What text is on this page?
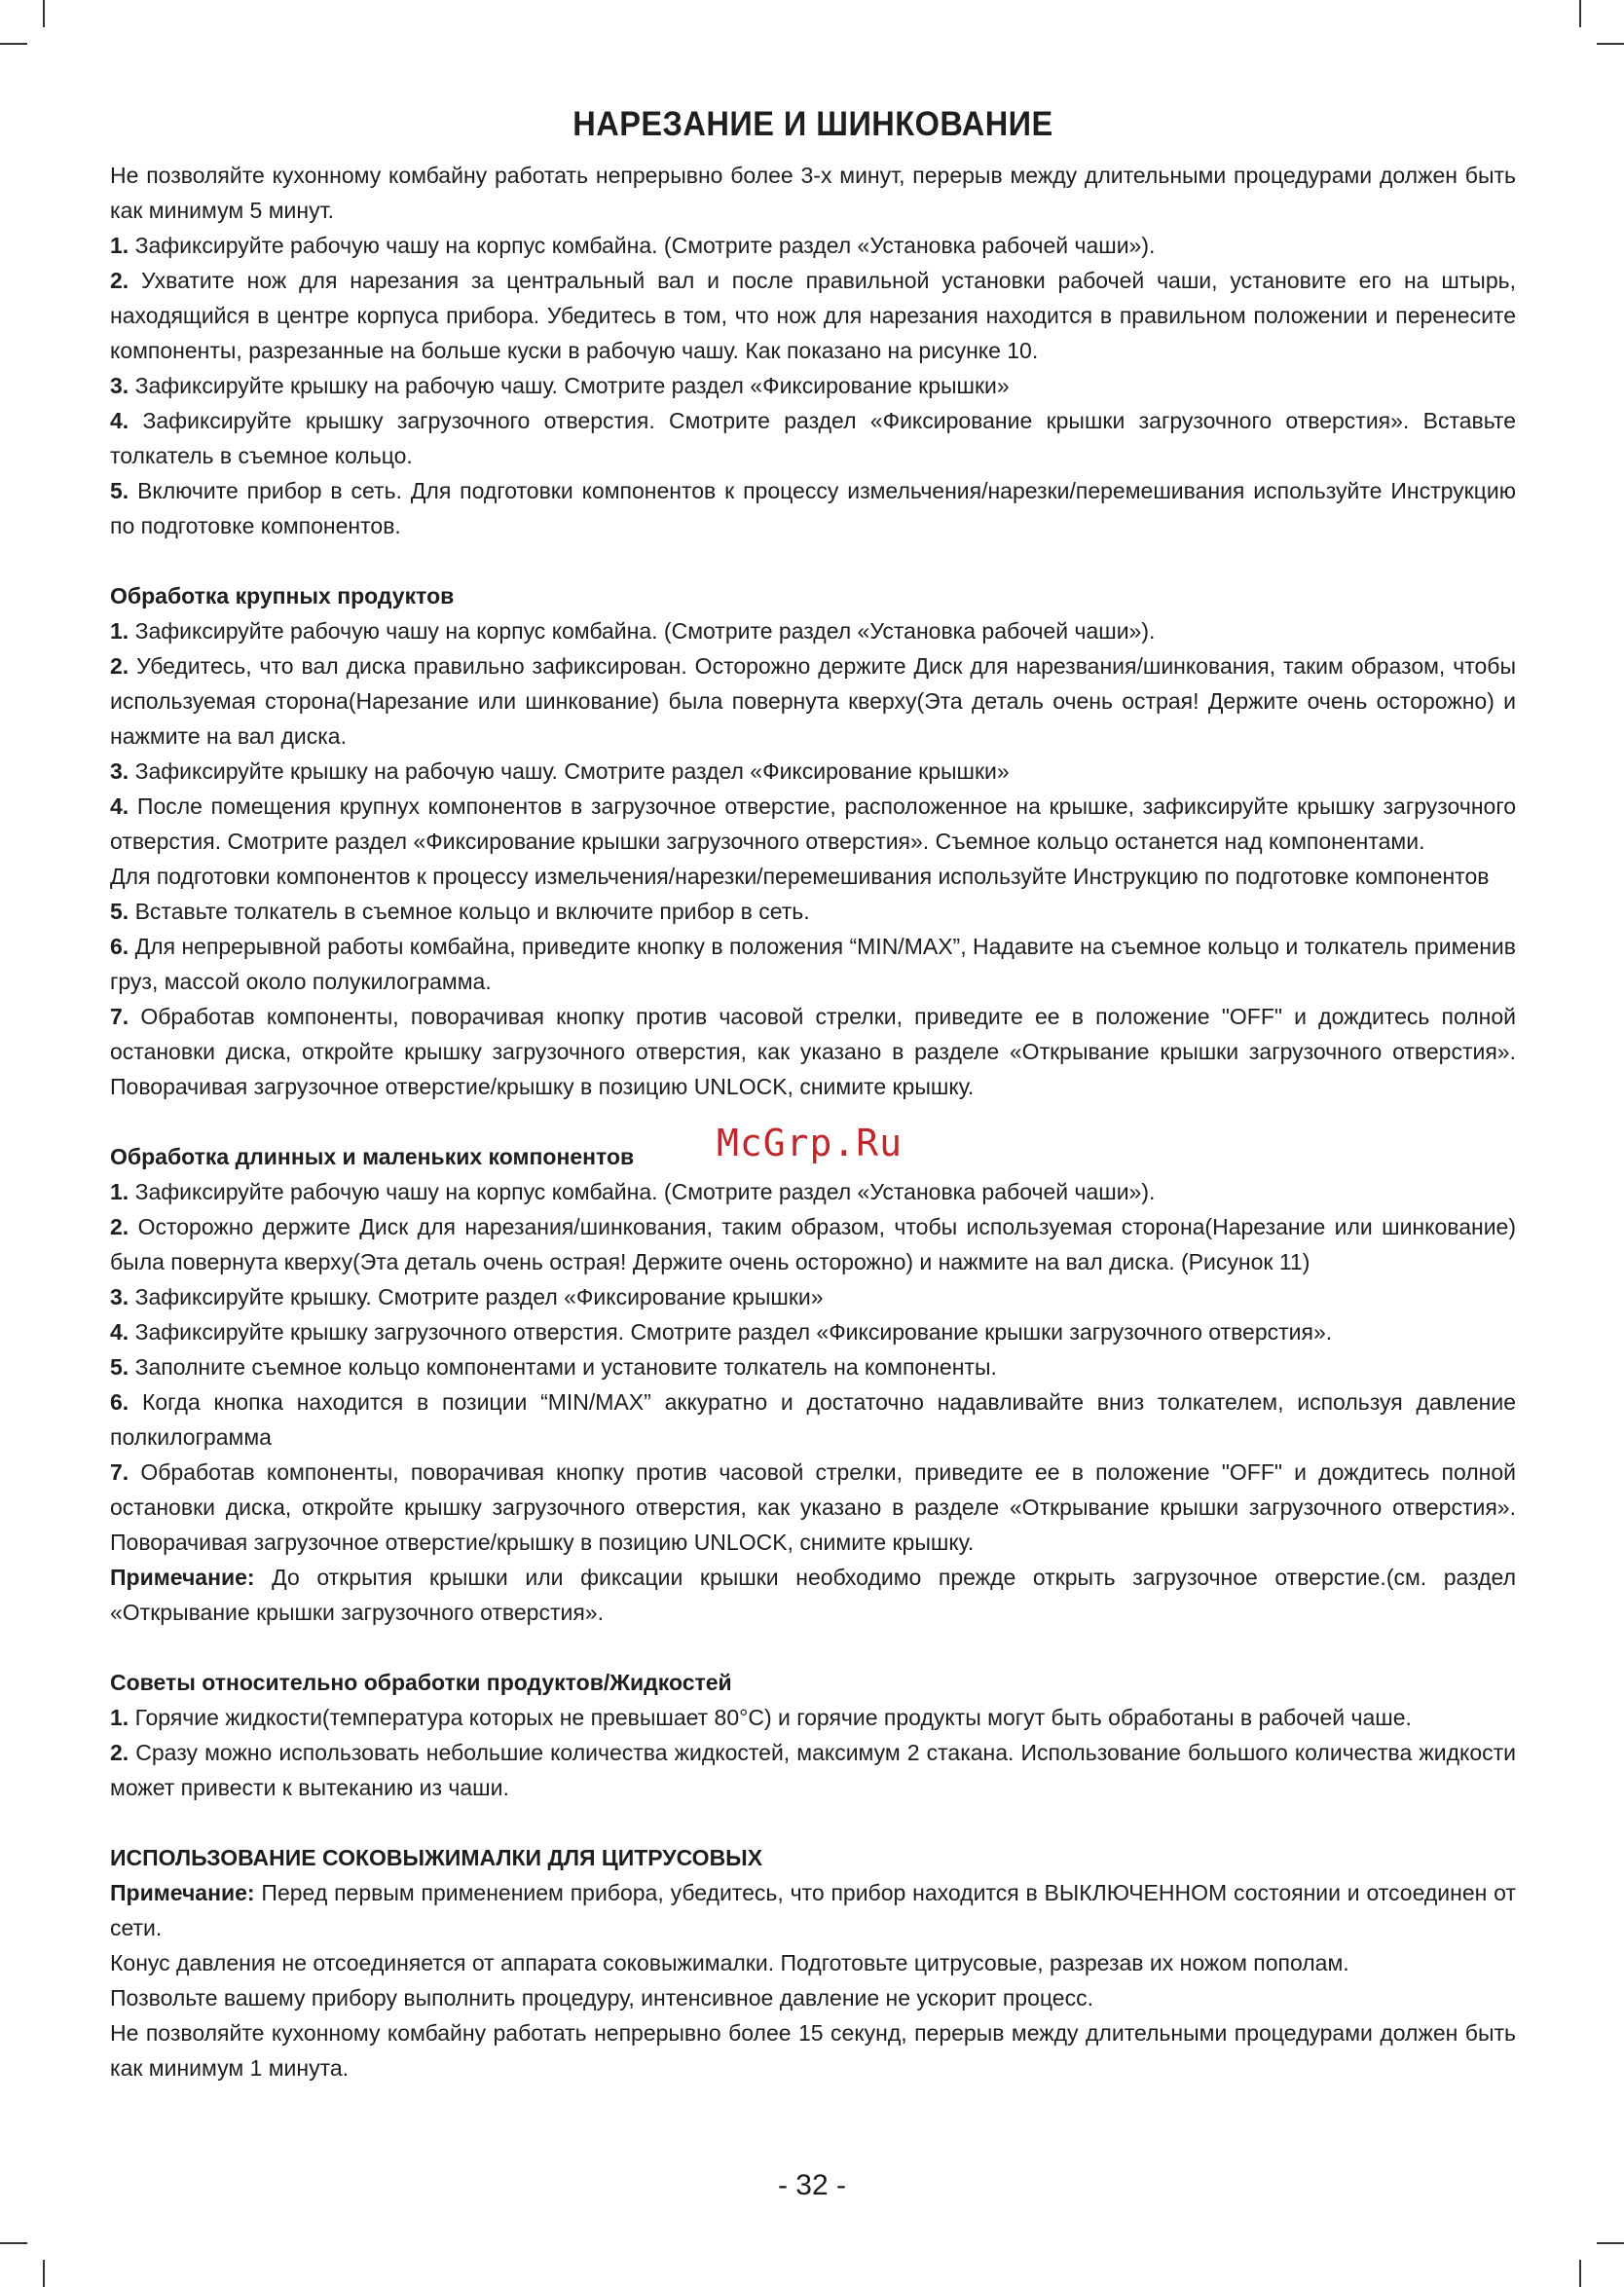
НАРЕЗАНИЕ И ШИНКОВАНИЕ

Не позволяйте кухонному комбайну работать непрерывно более 3-х минут, перерыв между длительными процедурами должен быть как минимум 5 минут.

1. Зафиксируйте рабочую чашу на корпус комбайна. (Смотрите раздел «Установка рабочей чаши»).

2. Ухватите нож для нарезания за центральный вал и после правильной установки рабочей чаши, установите его на штырь, находящийся в центре корпуса прибора. Убедитесь в том, что нож для нарезания находится в правильном положении и перенесите компоненты, разрезанные на больше куски в рабочую чашу. Как показано на рисунке 10.

3. Зафиксируйте крышку на рабочую чашу. Смотрите раздел «Фиксирование крышки»

4. Зафиксируйте крышку загрузочного отверстия. Смотрите раздел «Фиксирование крышки загрузочного отверстия». Вставьте толкатель в съемное кольцо.

5. Включите прибор в сеть. Для подготовки компонентов к процессу измельчения/нарезки/перемешивания используйте Инструкцию по подготовке компонентов.

Обработка крупных продуктов

1. Зафиксируйте рабочую чашу на корпус комбайна. (Смотрите раздел «Установка рабочей чаши»).

2. Убедитесь, что вал диска правильно зафиксирован. Осторожно держите Диск для нарезвания/шинкования, таким образом, чтобы используемая сторона(Нарезание или шинкование) была повернута кверху(Эта деталь очень острая! Держите очень осторожно) и нажмите на вал диска.

3. Зафиксируйте крышку на рабочую чашу. Смотрите раздел «Фиксирование крышки»

4. После помещения крупнух компонентов в загрузочное отверстие, расположенное на крышке, зафиксируйте крышку загрузочного отверстия. Смотрите раздел «Фиксирование крышки загрузочного отверстия». Съемное кольцо останется над компонентами.

Для подготовки компонентов к процессу измельчения/нарезки/перемешивания используйте Инструкцию по подготовке компонентов

5. Вставьте толкатель в съемное кольцо и включите прибор в сеть.

6. Для непрерывной работы комбайна, приведите кнопку в положения “MIN/MAX”, Надавите на съемное кольцо и толкатель применив груз, массой около полукилограмма.

7. Обработав компоненты, поворачивая кнопку против часовой стрелки, приведите ее в положение "OFF" и дождитесь полной остановки диска, откройте крышку загрузочного отверстия, как указано в разделе «Открывание крышки загрузочного отверстия». Поворачивая загрузочное отверстие/крышку в позицию UNLOCK, снимите крышку.

Обработка длинных и маленьких компонентов

1. Зафиксируйте рабочую чашу на корпус комбайна. (Смотрите раздел «Установка рабочей чаши»).

2. Осторожно держите Диск для нарезания/шинкования, таким образом, чтобы используемая сторона(Нарезание или шинкование) была повернута кверху(Эта деталь очень острая! Держите очень осторожно) и нажмите на вал диска. (Рисунок 11)

3. Зафиксируйте крышку. Смотрите раздел «Фиксирование крышки»

4. Зафиксируйте крышку загрузочного отверстия. Смотрите раздел «Фиксирование крышки загрузочного отверстия».

5. Заполните съемное кольцо компонентами и установите толкатель на компоненты.

6. Когда кнопка находится в позиции “MIN/MAX” аккуратно и достаточно надавливайте вниз толкателем, используя давление полкилограмма

7. Обработав компоненты, поворачивая кнопку против часовой стрелки, приведите ее в положение "OFF" и дождитесь полной остановки диска, откройте крышку загрузочного отверстия, как указано в разделе «Открывание крышки загрузочного отверстия». Поворачивая загрузочное отверстие/крышку в позицию UNLOCK, снимите крышку.

Примечание: До открытия крышки или фиксации крышки необходимо прежде открыть загрузочное отверстие.(см. раздел «Открывание крышки загрузочного отверстия».

Советы относительно обработки продуктов/Жидкостей

1. Горячие жидкости(температура которых не превышает 80°C) и горячие продукты могут быть обработаны в рабочей чаше.

2. Сразу можно использовать небольшие количества жидкостей, максимум 2 стакана. Использование большого количества жидкости может привести к вытеканию из чаши.

ИСПОЛЬЗОВАНИЕ СОКОВЫЖИМАЛКИ ДЛЯ ЦИТРУСОВЫХ

Примечание: Перед первым применением прибора, убедитесь, что прибор находится в ВЫКЛЮЧЕННОМ состоянии и отсоединен от сети.

Конус давления не отсоединяется от аппарата соковыжималки. Подготовьте цитрусовые, разрезав их ножом пополам.

Позвольте вашему прибору выполнить процедуру, интенсивное давление не ускорит процесс.

Не позволяйте кухонному комбайну работать непрерывно более 15 секунд, перерыв между длительными процедурами должен быть как минимум 1 минута.

McGrp.Ru
- 32 -
